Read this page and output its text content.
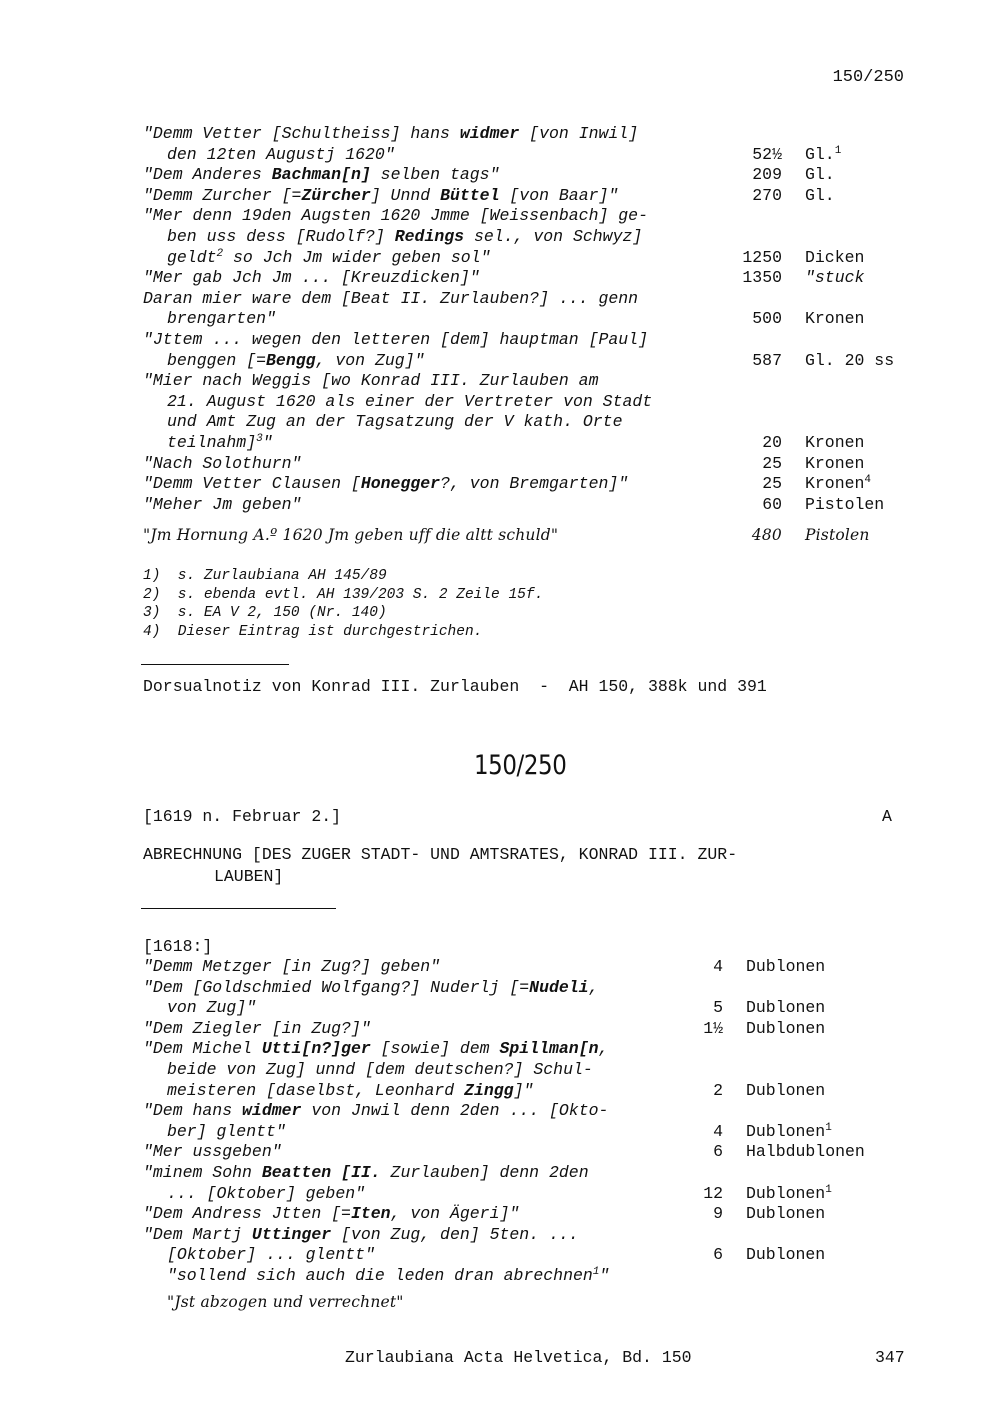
150/250
"Demm Vetter [Schultheiss] hans widmer [von Inwil]
den 12ten Augustj 1620"	52½ Gl.$^1$
"Dem Anderes Bachman[n] selben tags"	209 Gl.
"Demm Zurcher [=Zürcher] Unnd Büttel [von Baar]"	270 Gl.
"Mer denn 19den Augsten 1620 Jmme [Weissenbach] ge-
ben uss dess [Rudolf?] Redings sel., von Schwyz]
geldt$^2$ so Jch Jm wider geben sol"	1250 Dicken
"Mer gab Jch Jm ... [Kreuzdicken]"	1350 "stuck
Daran mier ware dem [Beat II. Zurlauben?] ... genn
brengarten"	500 Kronen
"Jttem ... wegen den letteren [dem] hauptman [Paul]
benggen [=Bengg, von Zug]"	587 Gl. 20 ss
"Mier nach Weggis [wo Konrad III. Zurlauben am
21. August 1620 als einer der Vertreter von Stadt
und Amt Zug an der Tagsatzung der V kath. Orte
teilnahm]$^3$"	20 Kronen
"Nach Solothurn"	25 Kronen
"Demm Vetter Clausen [Honegger?, von Bremgarten]"	25 Kronen$^4$
"Meher Jm geben"	60 Pistolen
"Jm Hornung A.º 1620 Jm geben uff die altt schuld"	480 Pistolen
1)  s. Zurlaubiana AH 145/89
2)  s. ebenda evtl. AH 139/203 S. 2 Zeile 15f.
3)  s. EA V 2, 150 (Nr. 140)
4)  Dieser Eintrag ist durchgestrichen.
Dorsualnotiz von Konrad III. Zurlauben  -  AH 150, 388k und 391
150/250
[1619 n. Februar 2.]	A
ABRECHNUNG [DES ZUGER STADT- UND AMTSRATES, KONRAD III. ZUR-
LAUBEN]
[1618:]
"Demm Metzger [in Zug?] geben"	4 Dublonen
"Dem [Goldschmied Wolfgang?] Nuderlj [=Nudeli,
von Zug]"	5 Dublonen
"Dem Ziegler [in Zug?]"	1½ Dublonen
"Dem Michel Utti[n?]ger [sowie] dem Spillman[n,
beide von Zug] unnd [dem deutschen?] Schul-
meisteren [daselbst, Leonhard Zingg]"	2 Dublonen
"Dem hans widmer von Jnwil denn 2den ... [Okto-
ber] glentt"	4 Dublonen$^1$
"Mer ussgeben"	6 Halbdublonen
"minem Sohn Beatten [II. Zurlauben] denn 2den
... [Oktober] geben"	12 Dublonen$^1$
"Dem Andress Jtten [=Iten, von Ägeri]"	9 Dublonen
"Dem Martj Uttinger [von Zug, den] 5ten. ...
[Oktober] ... glentt"	6 Dublonen
"sollend sich auch die leden dran abrechnen$^1$"
"Jst abzogen und verrechnet"
Zurlaubiana Acta Helvetica, Bd. 150	347
